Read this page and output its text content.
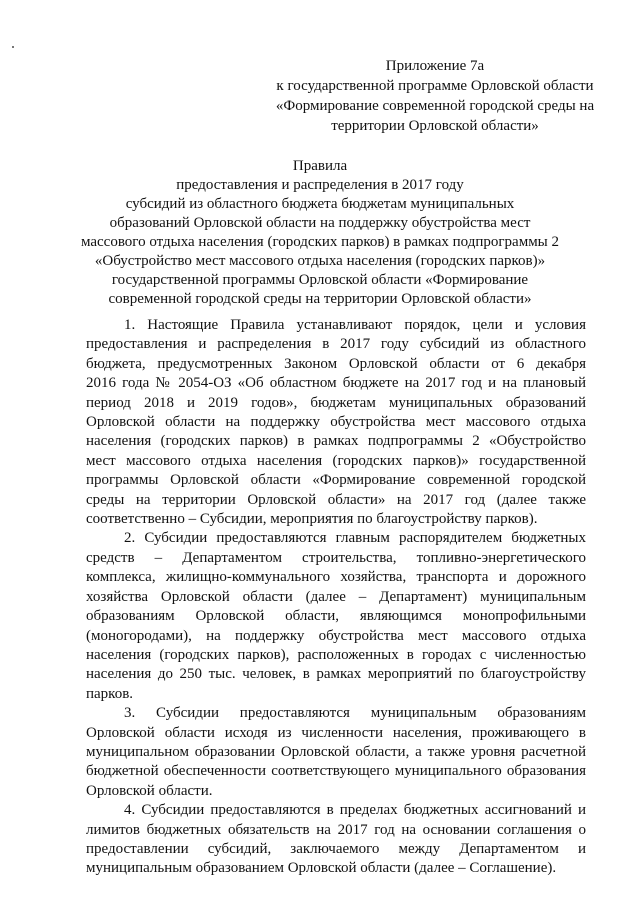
Приложение 7а
к государственной программе Орловской области
«Формирование современной городской среды на
территории Орловской области»
Правила
предоставления и распределения в 2017 году
субсидий из областного бюджета бюджетам муниципальных
образований Орловской области на поддержку обустройства мест
массового отдыха населения (городских парков) в рамках подпрограммы 2
«Обустройство мест массового отдыха населения (городских парков)»
государственной программы Орловской области «Формирование
современной городской среды на территории Орловской области»
1. Настоящие Правила устанавливают порядок, цели и условия
предоставления и распределения в 2017 году субсидий из областного
бюджета, предусмотренных Законом Орловской области от 6 декабря
2016 года № 2054-ОЗ «Об областном бюджете на 2017 год и на плановый
период 2018 и 2019 годов», бюджетам муниципальных образований
Орловской области на поддержку обустройства мест массового отдыха
населения (городских парков) в рамках подпрограммы 2 «Обустройство
мест массового отдыха населения (городских парков)» государственной
программы Орловской области «Формирование современной городской
среды на территории Орловской области» на 2017 год (далее также
соответственно – Субсидии, мероприятия по благоустройству парков).
2. Субсидии предоставляются главным распорядителем бюджетных
средств – Департаментом строительства, топливно-энергетического
комплекса, жилищно-коммунального хозяйства, транспорта и дорожного
хозяйства Орловской области (далее – Департамент) муниципальным
образованиям Орловской области, являющимся монопрофильными
(моногородами), на поддержку обустройства мест массового отдыха
населения (городских парков), расположенных в городах с численностью
населения до 250 тыс. человек, в рамках мероприятий по благоустройству
парков.
3. Субсидии предоставляются муниципальным образованиям
Орловской области исходя из численности населения, проживающего в
муниципальном образовании Орловской области, а также уровня расчетной
бюджетной обеспеченности соответствующего муниципального образования
Орловской области.
4. Субсидии предоставляются в пределах бюджетных ассигнований и
лимитов бюджетных обязательств на 2017 год на основании соглашения о
предоставлении субсидий, заключаемого между Департаментом и
муниципальным образованием Орловской области (далее – Соглашение).
